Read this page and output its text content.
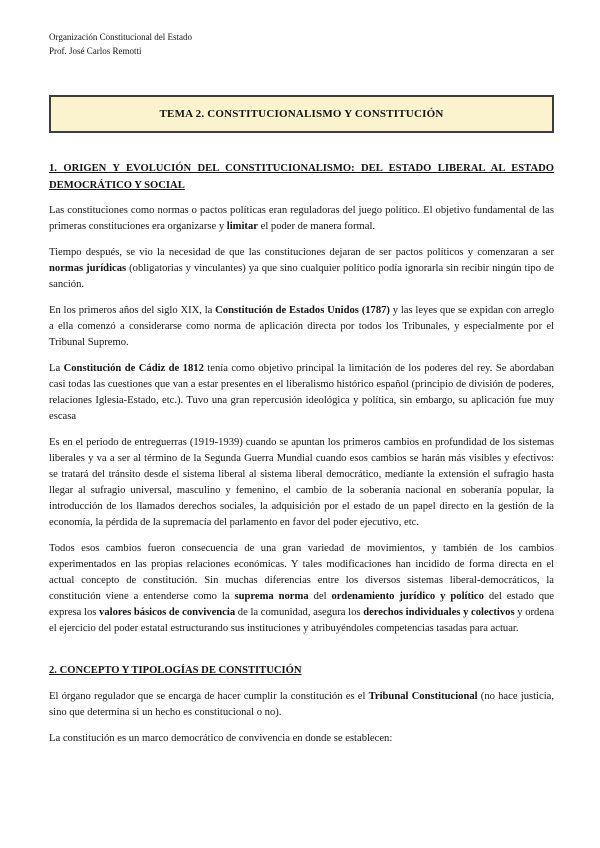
Organización Constitucional del Estado
Prof. José Carlos Remotti
TEMA 2. CONSTITUCIONALISMO Y CONSTITUCIÓN
1. ORIGEN Y EVOLUCIÓN DEL CONSTITUCIONALISMO: DEL ESTADO LIBERAL AL ESTADO DEMOCRÁTICO Y SOCIAL

Las constituciones como normas o pactos políticas eran reguladoras del juego político. El objetivo fundamental de las primeras constituciones era organizarse y limitar el poder de manera formal.

Tiempo después, se vio la necesidad de que las constituciones dejaran de ser pactos políticos y comenzaran a ser normas jurídicas (obligatorias y vinculantes) ya que sino cualquier político podía ignorarla sin recibir ningún tipo de sanción.

En los primeros años del siglo XIX, la Constitución de Estados Unidos (1787) y las leyes que se expidan con arreglo a ella comenzó a considerarse como norma de aplicación directa por todos los Tribunales, y especialmente por el Tribunal Supremo.

La Constitución de Cádiz de 1812 tenía como objetivo principal la limitación de los poderes del rey. Se abordaban casi todas las cuestiones que van a estar presentes en el liberalismo histórico español (principio de división de poderes, relaciones Iglesia-Estado, etc.). Tuvo una gran repercusión ideológica y política, sin embargo, su aplicación fue muy escasa

Es en el periodo de entreguerras (1919-1939) cuando se apuntan los primeros cambios en profundidad de los sistemas liberales y va a ser al término de la Segunda Guerra Mundial cuando esos cambios se harán más visibles y efectivos: se tratará del tránsito desde el sistema liberal al sistema liberal democrático, mediante la extensión el sufragio hasta llegar al sufragio universal, masculino y femenino, el cambio de la soberanía nacional en soberanía popular, la introducción de los llamados derechos sociales, la adquisición por el estado de un papel directo en la gestión de la economía, la pérdida de la supremacía del parlamento en favor del poder ejecutivo, etc.

Todos esos cambios fueron consecuencia de una gran variedad de movimientos, y también de los cambios experimentados en las propias relaciones económicas. Y tales modificaciones han incidido de forma directa en el actual concepto de constitución. Sin muchas diferencias entre los diversos sistemas liberal-democráticos, la constitución viene a entenderse como la suprema norma del ordenamiento jurídico y político del estado que expresa los valores básicos de convivencia de la comunidad, asegura los derechos individuales y colectivos y ordena el ejercicio del poder estatal estructurando sus instituciones y atribuyéndoles competencias tasadas para actuar.

2. CONCEPTO Y TIPOLOGÍAS DE CONSTITUCIÓN

El órgano regulador que se encarga de hacer cumplir la constitución es el Tribunal Constitucional (no hace justicia, sino que determina si un hecho es constitucional o no).

La constitución es un marco democrático de convivencia en donde se establecen:
